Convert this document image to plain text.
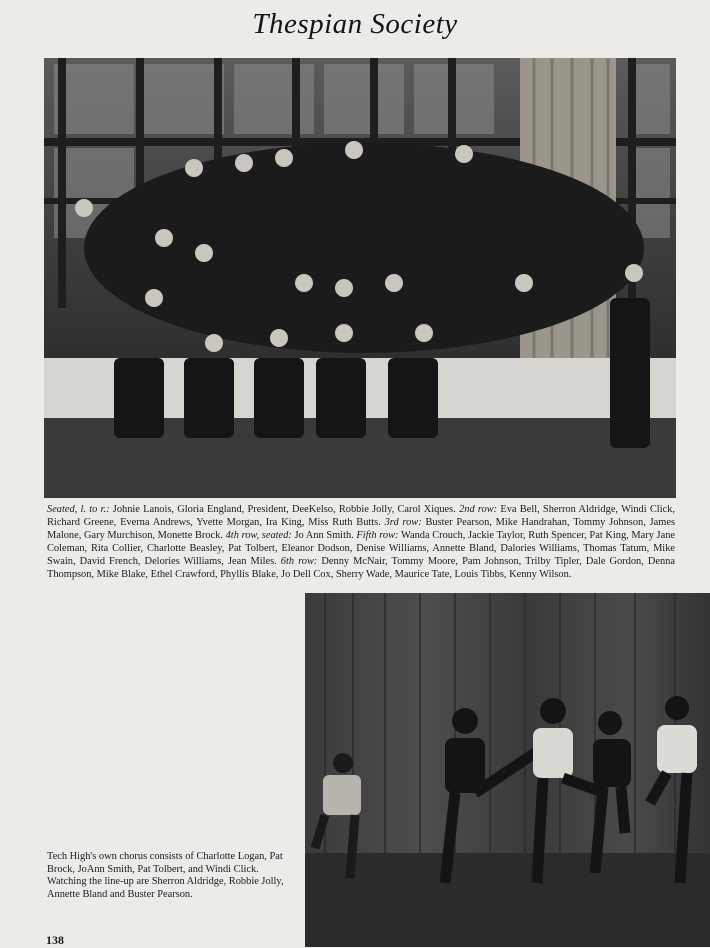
Thespian Society
Seated, l. to r.: Johnie Lanois, Gloria England, President, DeeKelso, Robbie Jolly, Carol Xiques. 2nd row: Eva Bell, Sherron Aldridge, Windi Click, Richard Greene, Everna Andrews, Yvette Morgan, Ira King, Miss Ruth Butts. 3rd row: Buster Pearson, Mike Handrahan, Tommy Johnson, James Malone, Gary Murchison, Monette Brock. 4th row, seated: Jo Ann Smith. Fifth row: Wanda Crouch, Jackie Taylor, Ruth Spencer, Pat King, Mary Jane Coleman, Rita Collier, Charlotte Beasley, Pat Tolbert, Eleanor Dodson, Denise Williams, Annette Bland, Dalories Williams, Thomas Tatum, Mike Swain, David French, Delories Williams, Jean Miles. 6th row: Denny McNair, Tommy Moore, Pam Johnson, Trilby Tipler, Dale Gordon, Denna Thompson, Mike Blake, Ethel Crawford, Phyllis Blake, Jo Dell Cox, Sherry Wade, Maurice Tate, Louis Tibbs, Kenny Wilson.
Tech High's own chorus consists of Charlotte Logan, Pat Brock, JoAnn Smith, Pat Tolbert, and Windi Click. Watching the line-up are Sherron Aldridge, Robbie Jolly, Annette Bland and Buster Pearson.
138
